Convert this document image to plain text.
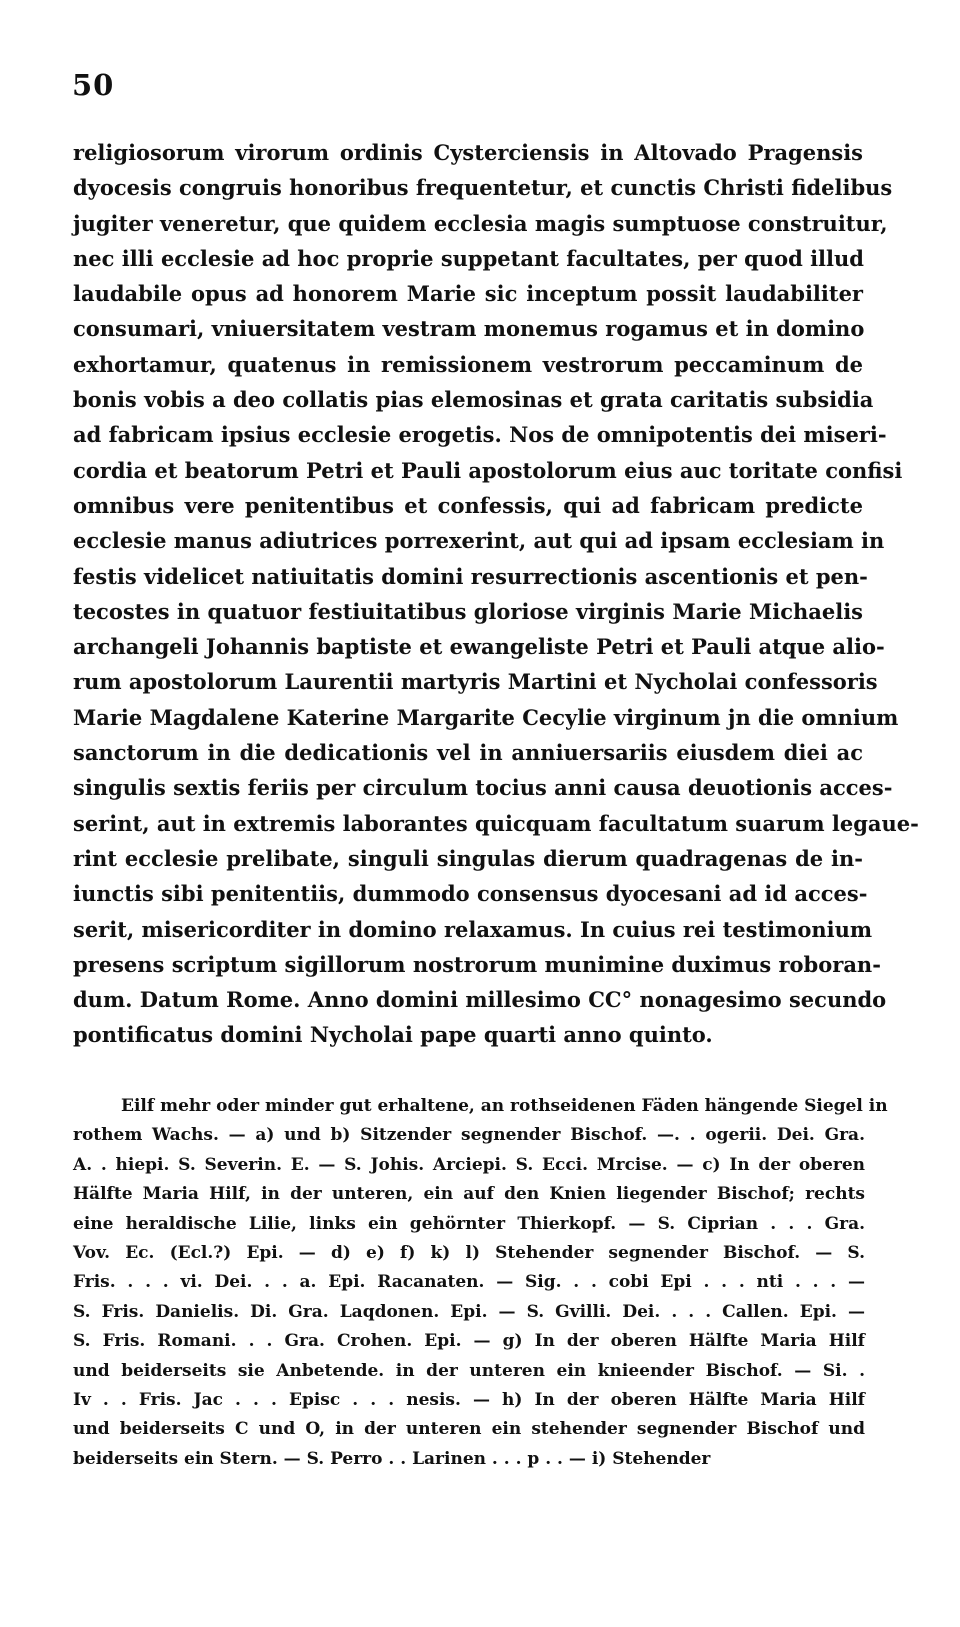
50
religiosorum virorum ordinis Cysterciensis in Altovado Pragensis
dyocesis congruis honoribus frequentetur, et cunctis Christi fidelibus
jugiter veneretur, que quidem ecclesia magis sumptuose construitur,
nec illi ecclesie ad hoc proprie suppetant facultates, per quod illud
laudabile opus ad honorem Marie sic inceptum possit laudabiliter
consumari, vniuersitatem vestram monemus rogamus et in domino
exhortamur, quatenus in remissionem vestrorum peccaminum de
bonis vobis a deo collatis pias elemosinas et grata caritatis subsidia
ad fabricam ipsius ecclesie erogetis. Nos de omnipotentis dei miseri-
cordia et beatorum Petri et Pauli apostolorum eius auc toritate confisi
omnibus vere penitentibus et confessis, qui ad fabricam predicte
ecclesie manus adiutrices porrexerint, aut qui ad ipsam ecclesiam in
festis videlicet natiuitatis domini resurrectionis ascentionis et pen-
tecostes in quatuor festiuitatibus gloriose virginis Marie Michaelis
archangeli Johannis baptiste et ewangeliste Petri et Pauli atque alio-
rum apostolorum Laurentii martyris Martini et Nycholai confessoris
Marie Magdalene Katerine Margarite Cecylie virginum jn die omnium
sanctorum in die dedicationis vel in anniuersariis eiusdem diei ac
singulis sextis feriis per circulum tocius anni causa deuotionis acces-
serint, aut in extremis laborantes quicquam facultatum suarum legaue-
rint ecclesie prelibate, singuli singulas dierum quadragenas de in-
iunctis sibi penitentiis, dummodo consensus dyocesani ad id acces-
serit, misericorditer in domino relaxamus. In cuius rei testimonium
presens scriptum sigillorum nostrorum munimine duximus roboran-
dum. Datum Rome. Anno domini millesimo CC° nonagesimo secundo
pontificatus domini Nycholai pape quarti anno quinto.
Eilf mehr oder minder gut erhaltene, an rothseidenen Fäden hängende Siegel in
rothem Wachs. — a) und b) Sitzender segnender Bischof. —. . ogerii. Dei. Gra.
A. . hiepi. S. Severin. E. — S. Johis. Arciepi. S. Ecci. Mrcise. — c) In der oberen
Hälfte Maria Hilf, in der unteren, ein auf den Knien liegender Bischof; rechts
eine heraldische Lilie, links ein gehörnter Thierkopf. — S. Ciprian . . . Gra.
Vov. Ec. (Ecl.?) Epi. — d) e) f) k) l) Stehender segnender Bischof. — S.
Fris. . . . vi. Dei. . . a. Epi. Racanaten. — Sig. . . cobi Epi . . . nti . . . —
S. Fris. Danielis. Di. Gra. Laqdonen. Epi. — S. Gvilli. Dei. . . . Callen. Epi. —
S. Fris. Romani. . . Gra. Crohen. Epi. — g) In der oberen Hälfte Maria Hilf
und beiderseits sie Anbetende. in der unteren ein knieender Bischof. — Si. .
Iv . . Fris. Jac . . . Episc . . . nesis. — h) In der oberen Hälfte Maria Hilf
und beiderseits C und O, in der unteren ein stehender segnender Bischof und
beiderseits ein Stern. — S. Perro . . Larinen . . . p . . — i) Stehender
